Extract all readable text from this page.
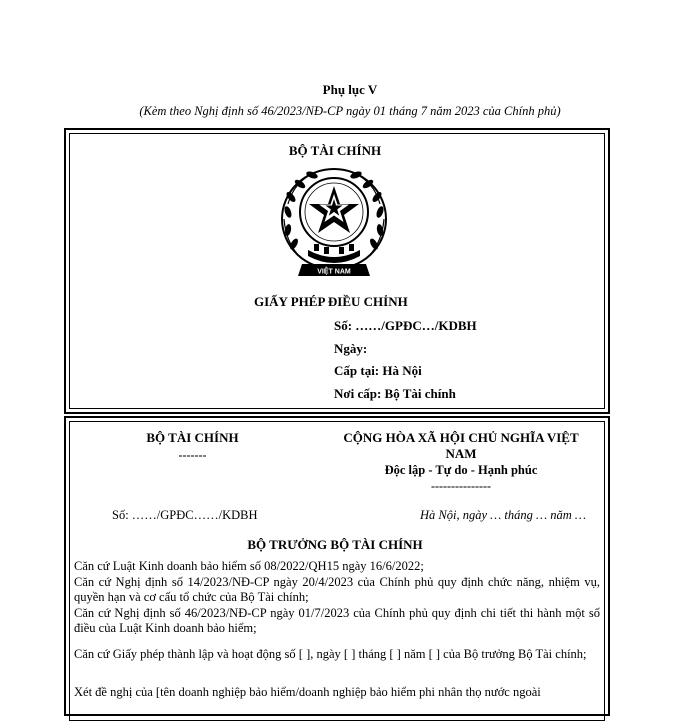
Phụ lục V
(Kèm theo Nghị định số 46/2023/NĐ-CP ngày 01 tháng 7 năm 2023 của Chính phủ)
BỘ TÀI CHÍNH
VIỆT NAM
GIẤY PHÉP ĐIỀU CHỈNH
Số: ……/GPĐC…/KDBH
Ngày:
Cấp tại: Hà Nội
Nơi cấp: Bộ Tài chính
BỘ TÀI CHÍNH
-------
CỘNG HÒA XÃ HỘI CHỦ NGHĨA VIỆT
NAM
Độc lập - Tự do - Hạnh phúc
---------------
Số: ……/GPĐC……/KDBH	Hà Nội, ngày … tháng … năm …
BỘ TRƯỞNG BỘ TÀI CHÍNH
Căn cứ Luật Kinh doanh bảo hiểm số 08/2022/QH15 ngày 16/6/2022;
Căn cứ Nghị định số 14/2023/NĐ-CP ngày 20/4/2023 của Chính phủ quy định chức năng, nhiệm vụ, quyền hạn và cơ cấu tổ chức của Bộ Tài chính;
Căn cứ Nghị định số 46/2023/NĐ-CP ngày 01/7/2023 của Chính phủ quy định chi tiết thi hành một số điều của Luật Kinh doanh bảo hiểm;
Căn cứ Giấy phép thành lập và hoạt động số [ ], ngày [ ] tháng [ ] năm [ ] của Bộ trưởng Bộ Tài chính;
Xét đề nghị của [tên doanh nghiệp bảo hiểm/doanh nghiệp bảo hiểm phi nhân thọ nước ngoài
